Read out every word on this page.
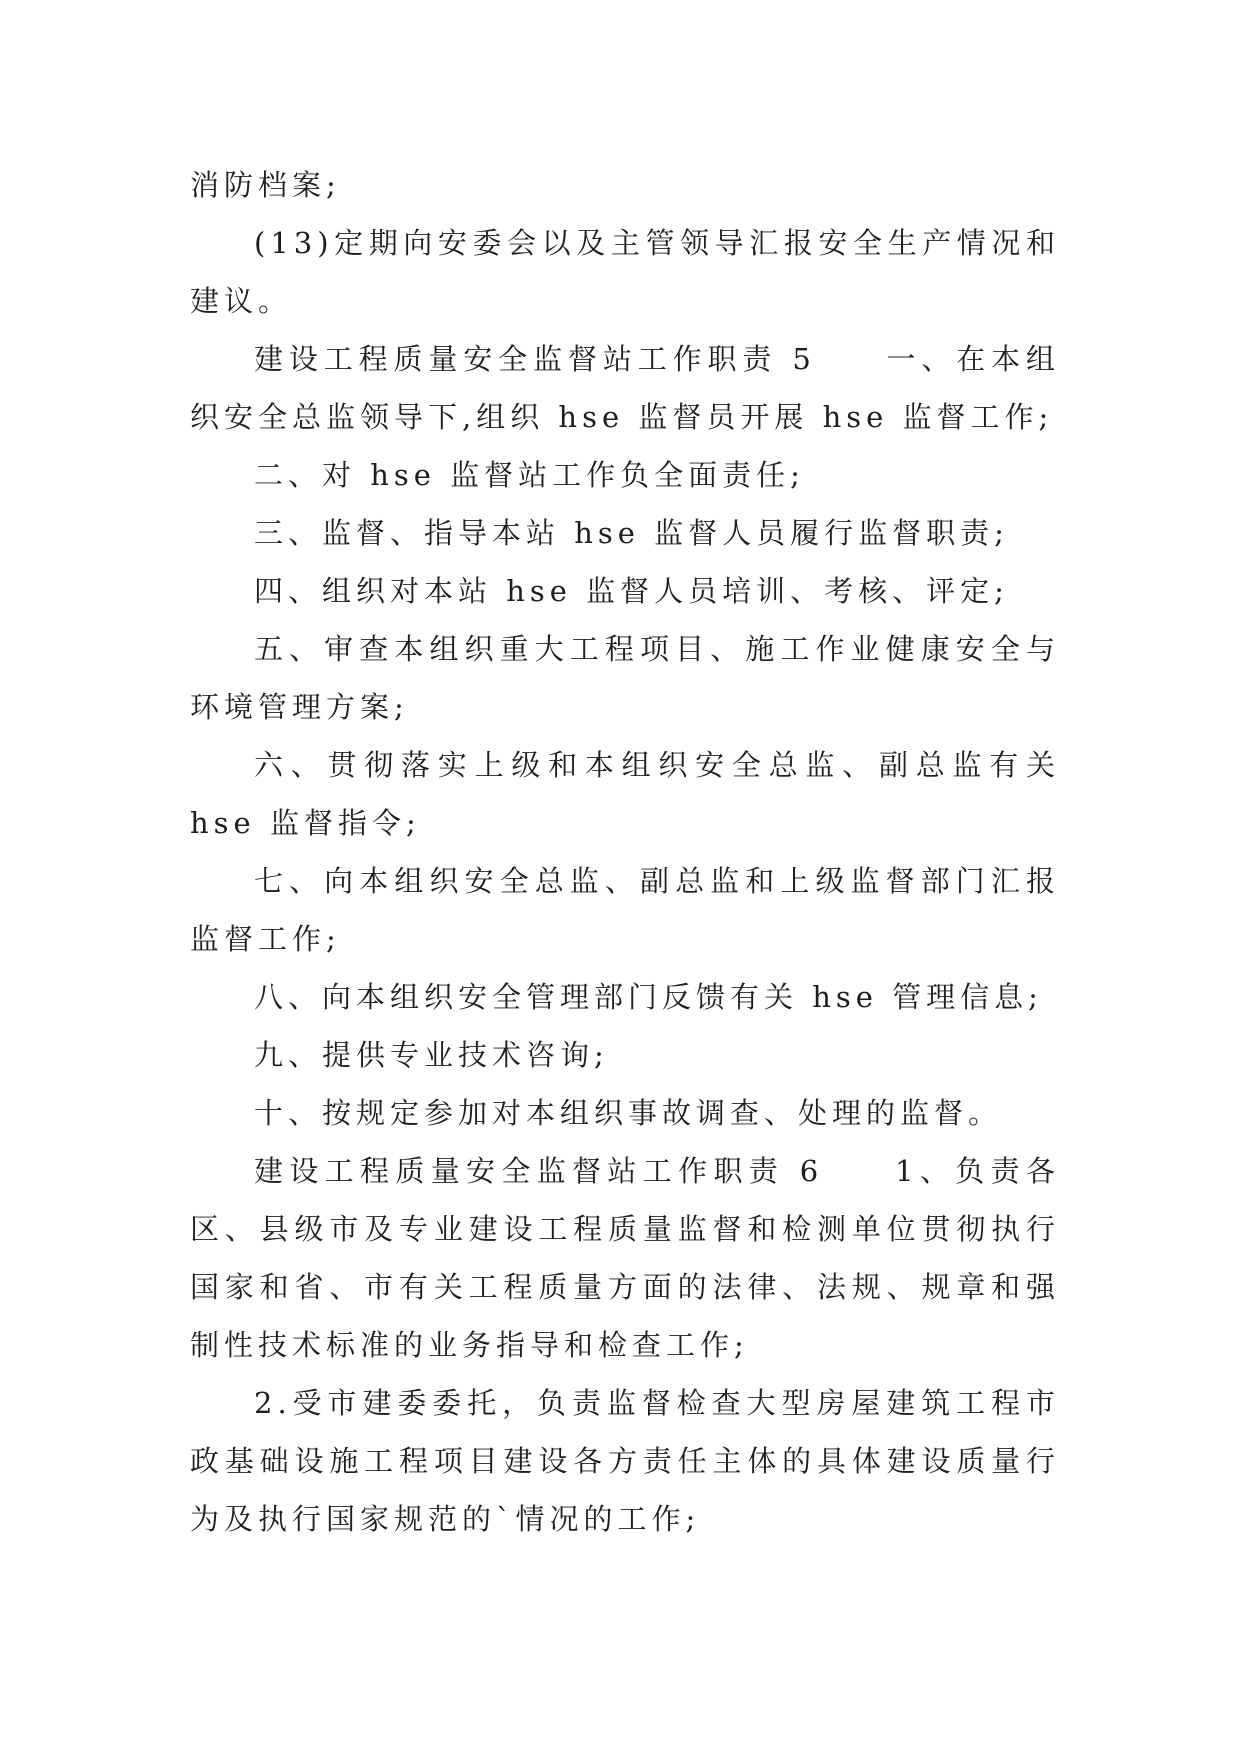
消防档案;

(13)定期向安委会以及主管领导汇报安全生产情况和建议。

建设工程质量安全监督站工作职责 5　　一、在本组织安全总监领导下,组织 hse 监督员开展 hse 监督工作;

二、对 hse 监督站工作负全面责任;

三、监督、指导本站 hse 监督人员履行监督职责;

四、组织对本站 hse 监督人员培训、考核、评定;

五、审查本组织重大工程项目、施工作业健康安全与环境管理方案;

六、贯彻落实上级和本组织安全总监、副总监有关 hse 监督指令;

七、向本组织安全总监、副总监和上级监督部门汇报监督工作;

八、向本组织安全管理部门反馈有关 hse 管理信息;

九、提供专业技术咨询;

十、按规定参加对本组织事故调查、处理的监督。

建设工程质量安全监督站工作职责 6　　1、负责各区、县级市及专业建设工程质量监督和检测单位贯彻执行国家和省、市有关工程质量方面的法律、法规、规章和强制性技术标准的业务指导和检查工作;

2.受市建委委托，负责监督检查大型房屋建筑工程市政基础设施工程项目建设各方责任主体的具体建设质量行为及执行国家规范的`情况的工作;
